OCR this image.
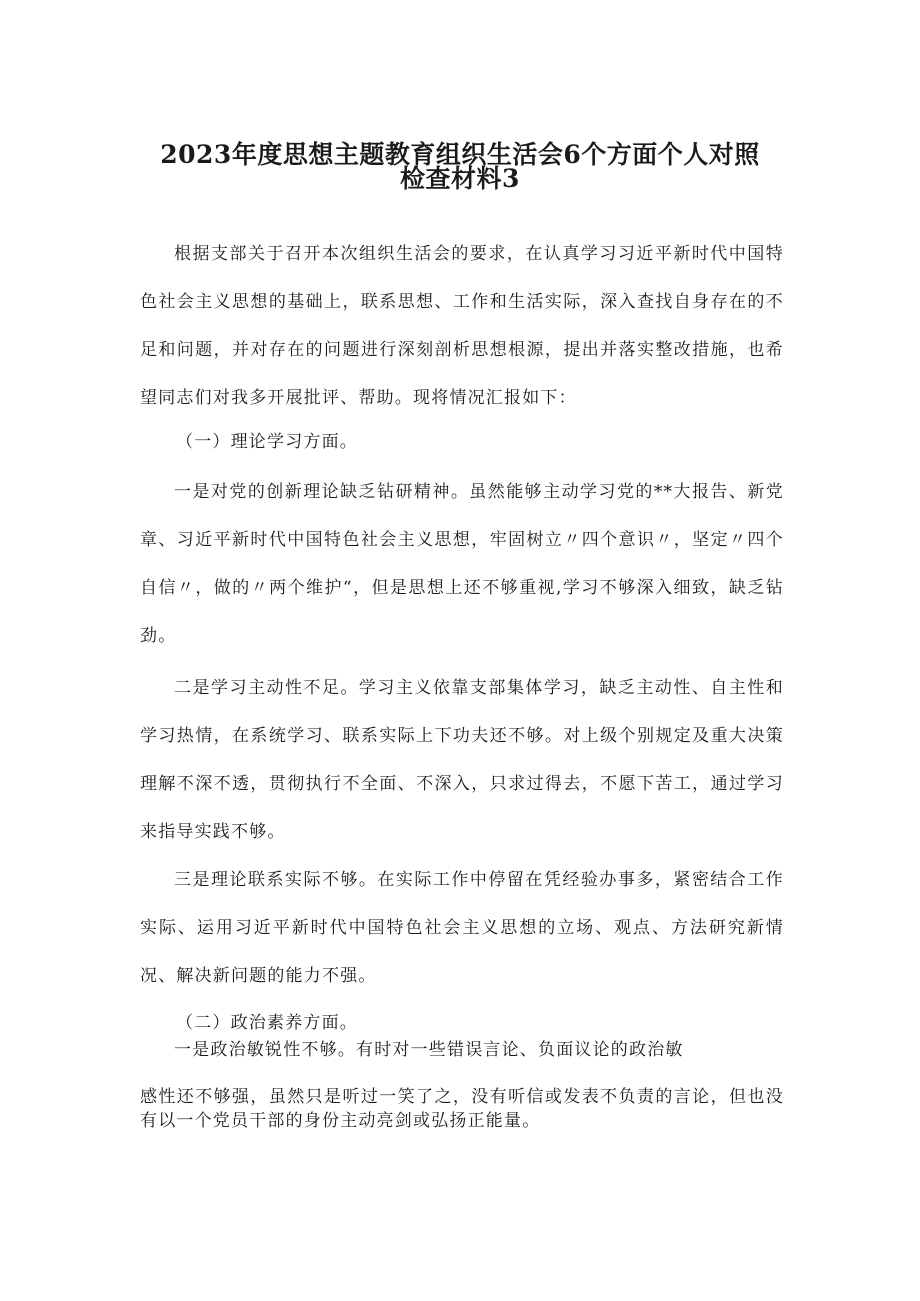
2023年度思想主题教育组织生活会6个方面个人对照
检查材料3

根据支部关于召开本次组织生活会的要求，在认真学习习近平新时代中国特色社会主义思想的基础上，联系思想、工作和生活实际，深入查找自身存在的不足和问题，并对存在的问题进行深刻剖析思想根源，提出并落实整改措施，也希望同志们对我多开展批评、帮助。现将情况汇报如下：

（一）理论学习方面。

一是对党的创新理论缺乏钻研精神。虽然能够主动学习党的**大报告、新党章、习近平新时代中国特色社会主义思想，牢固树立〃四个意识〃，坚定〃四个自信〃，做的〃两个维护“，但是思想上还不够重视,学习不够深入细致，缺乏钻劲。

二是学习主动性不足。学习主义依靠支部集体学习，缺乏主动性、自主性和学习热情，在系统学习、联系实际上下功夫还不够。对上级个别规定及重大决策理解不深不透，贯彻执行不全面、不深入，只求过得去，不愿下苦工，通过学习来指导实践不够。

三是理论联系实际不够。在实际工作中停留在凭经验办事多，紧密结合工作实际、运用习近平新时代中国特色社会主义思想的立场、观点、方法研究新情况、解决新问题的能力不强。

（二）政治素养方面。

一是政治敏锐性不够。有时对一些错误言论、负面议论的政治敏

感性还不够强，虽然只是听过一笑了之，没有听信或发表不负责的言论，但也没有以一个党员干部的身份主动亮剑或弘扬正能量。
